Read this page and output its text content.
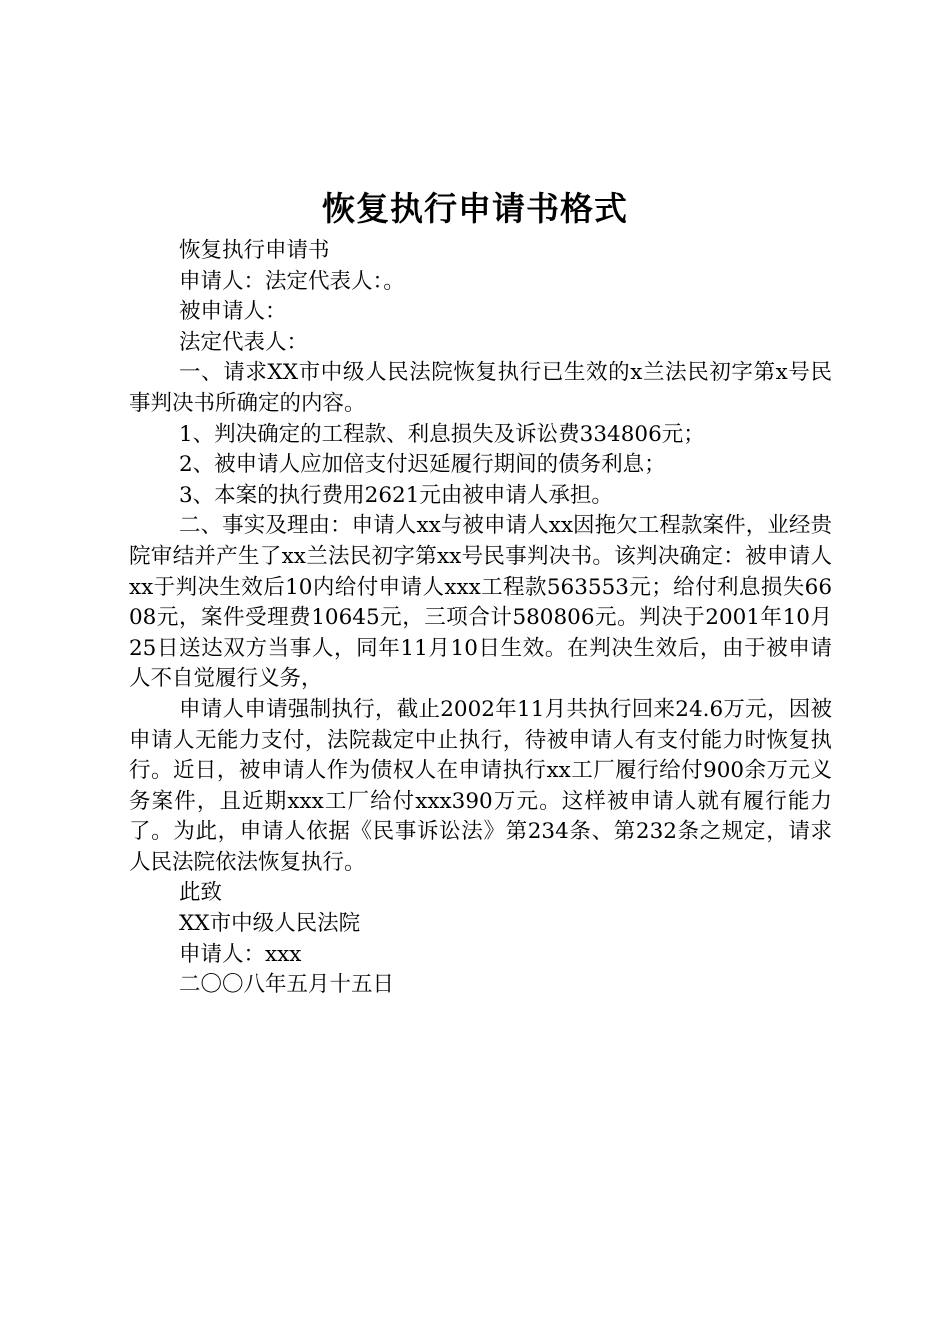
恢复执行申请书格式

恢复执行申请书

申请人：法定代表人：。

被申请人：

法定代表人：

一、请求XX市中级人民法院恢复执行已生效的x兰法民初字第x号民事判决书所确定的内容。

1、判决确定的工程款、利息损失及诉讼费334806元；

2、被申请人应加倍支付迟延履行期间的债务利息；

3、本案的执行费用2621元由被申请人承担。

二、事实及理由：申请人xx与被申请人xx因拖欠工程款案件，业经贵院审结并产生了xx兰法民初字第xx号民事判决书。该判决确定：被申请人xx于判决生效后10内给付申请人xxx工程款563553元；给付利息损失6608元，案件受理费10645元，三项合计580806元。判决于2001年10月25日送达双方当事人，同年11月10日生效。在判决生效后，由于被申请人不自觉履行义务，

申请人申请强制执行，截止2002年11月共执行回来24.6万元，因被申请人无能力支付，法院裁定中止执行，待被申请人有支付能力时恢复执行。近日，被申请人作为债权人在申请执行xx工厂履行给付900余万元义务案件，且近期xxx工厂给付xxx390万元。这样被申请人就有履行能力了。为此，申请人依据《民事诉讼法》第234条、第232条之规定，请求人民法院依法恢复执行。

此致

XX市中级人民法院

申请人：xxx

二〇〇八年五月十五日
